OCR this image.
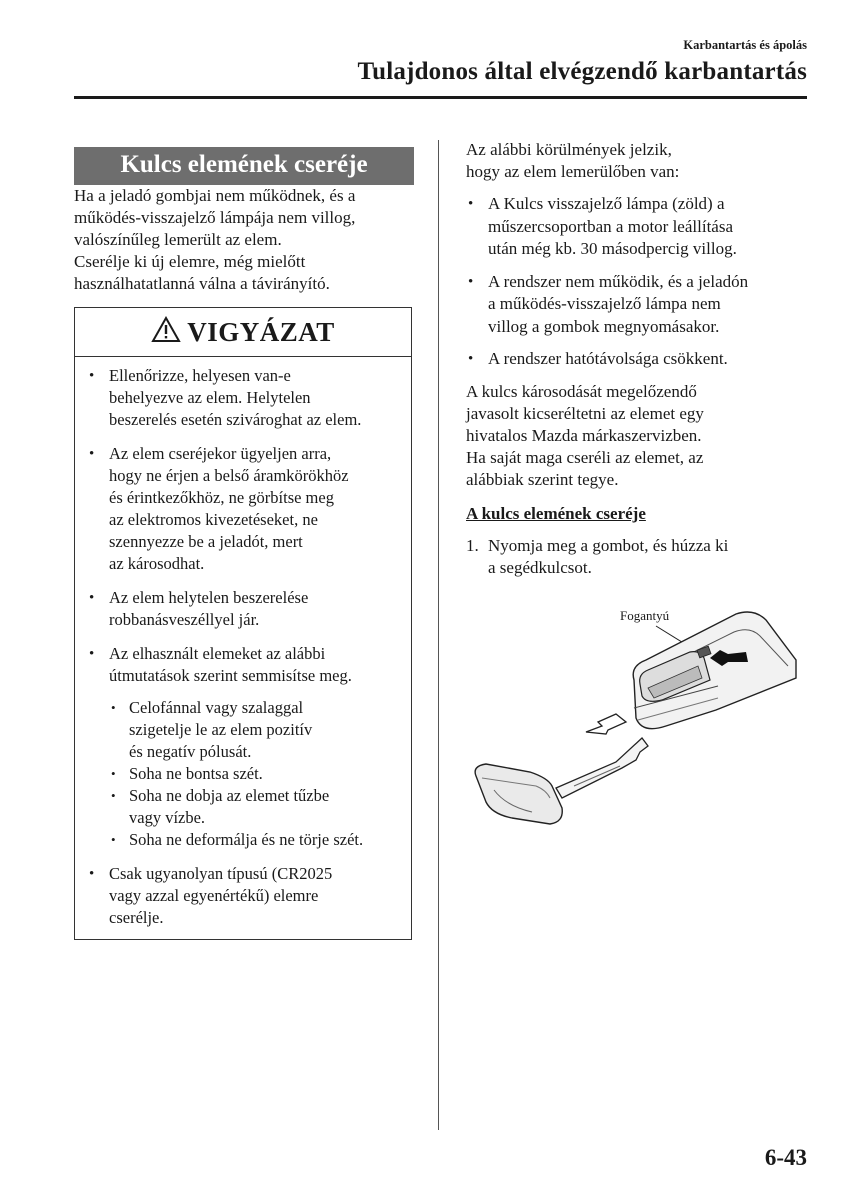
Karbantartás és ápolás
Tulajdonos által elvégzendő karbantartás
Kulcs elemének cseréje

Ha a jeladó gombjai nem működnek, és a
működés-visszajelző lámpája nem villog,
valószínűleg lemerült az elem.
Cserélje ki új elemre, még mielőtt
használhatatlanná válna a távirányító.

VIGYÁZAT
• Ellenőrizze, helyesen van-e
behelyezve az elem. Helytelen
beszerelés esetén szivároghat az elem.
• Az elem cseréjekor ügyeljen arra,
hogy ne érjen a belső áramkörökhöz
és érintkezőkhöz, ne görbítse meg
az elektromos kivezetéseket, ne
szennyezze be a jeladót, mert
az károsodhat.
• Az elem helytelen beszerelése
robbanásveszéllyel jár.
• Az elhasznált elemeket az alábbi
útmutatások szerint semmisítse meg.
• Celofánnal vagy szalaggal
szigetelje le az elem pozitív
és negatív pólusát.
• Soha ne bontsa szét.
• Soha ne dobja az elemet tűzbe
vagy vízbe.
• Soha ne deformálja és ne törje szét.
• Csak ugyanolyan típusú (CR2025
vagy azzal egyenértékű) elemre
cserélje.

Az alábbi körülmények jelzik,
hogy az elem lemerülőben van:

• A Kulcs visszajelző lámpa (zöld) a
műszercsoportban a motor leállítása
után még kb. 30 másodpercig villog.
• A rendszer nem működik, és a jeladón
a működés-visszajelző lámpa nem
villog a gombok megnyomásakor.
• A rendszer hatótávolsága csökkent.

A kulcs károsodását megelőzendő
javasolt kicseréltetni az elemet egy
hivatalos Mazda márkaszervizben.
Ha saját maga cseréli az elemet, az
alábbiak szerint tegye.

A kulcs elemének cseréje
1. Nyomja meg a gombot, és húzza ki
a segédkulcsot.
Fogantyú
6-43
